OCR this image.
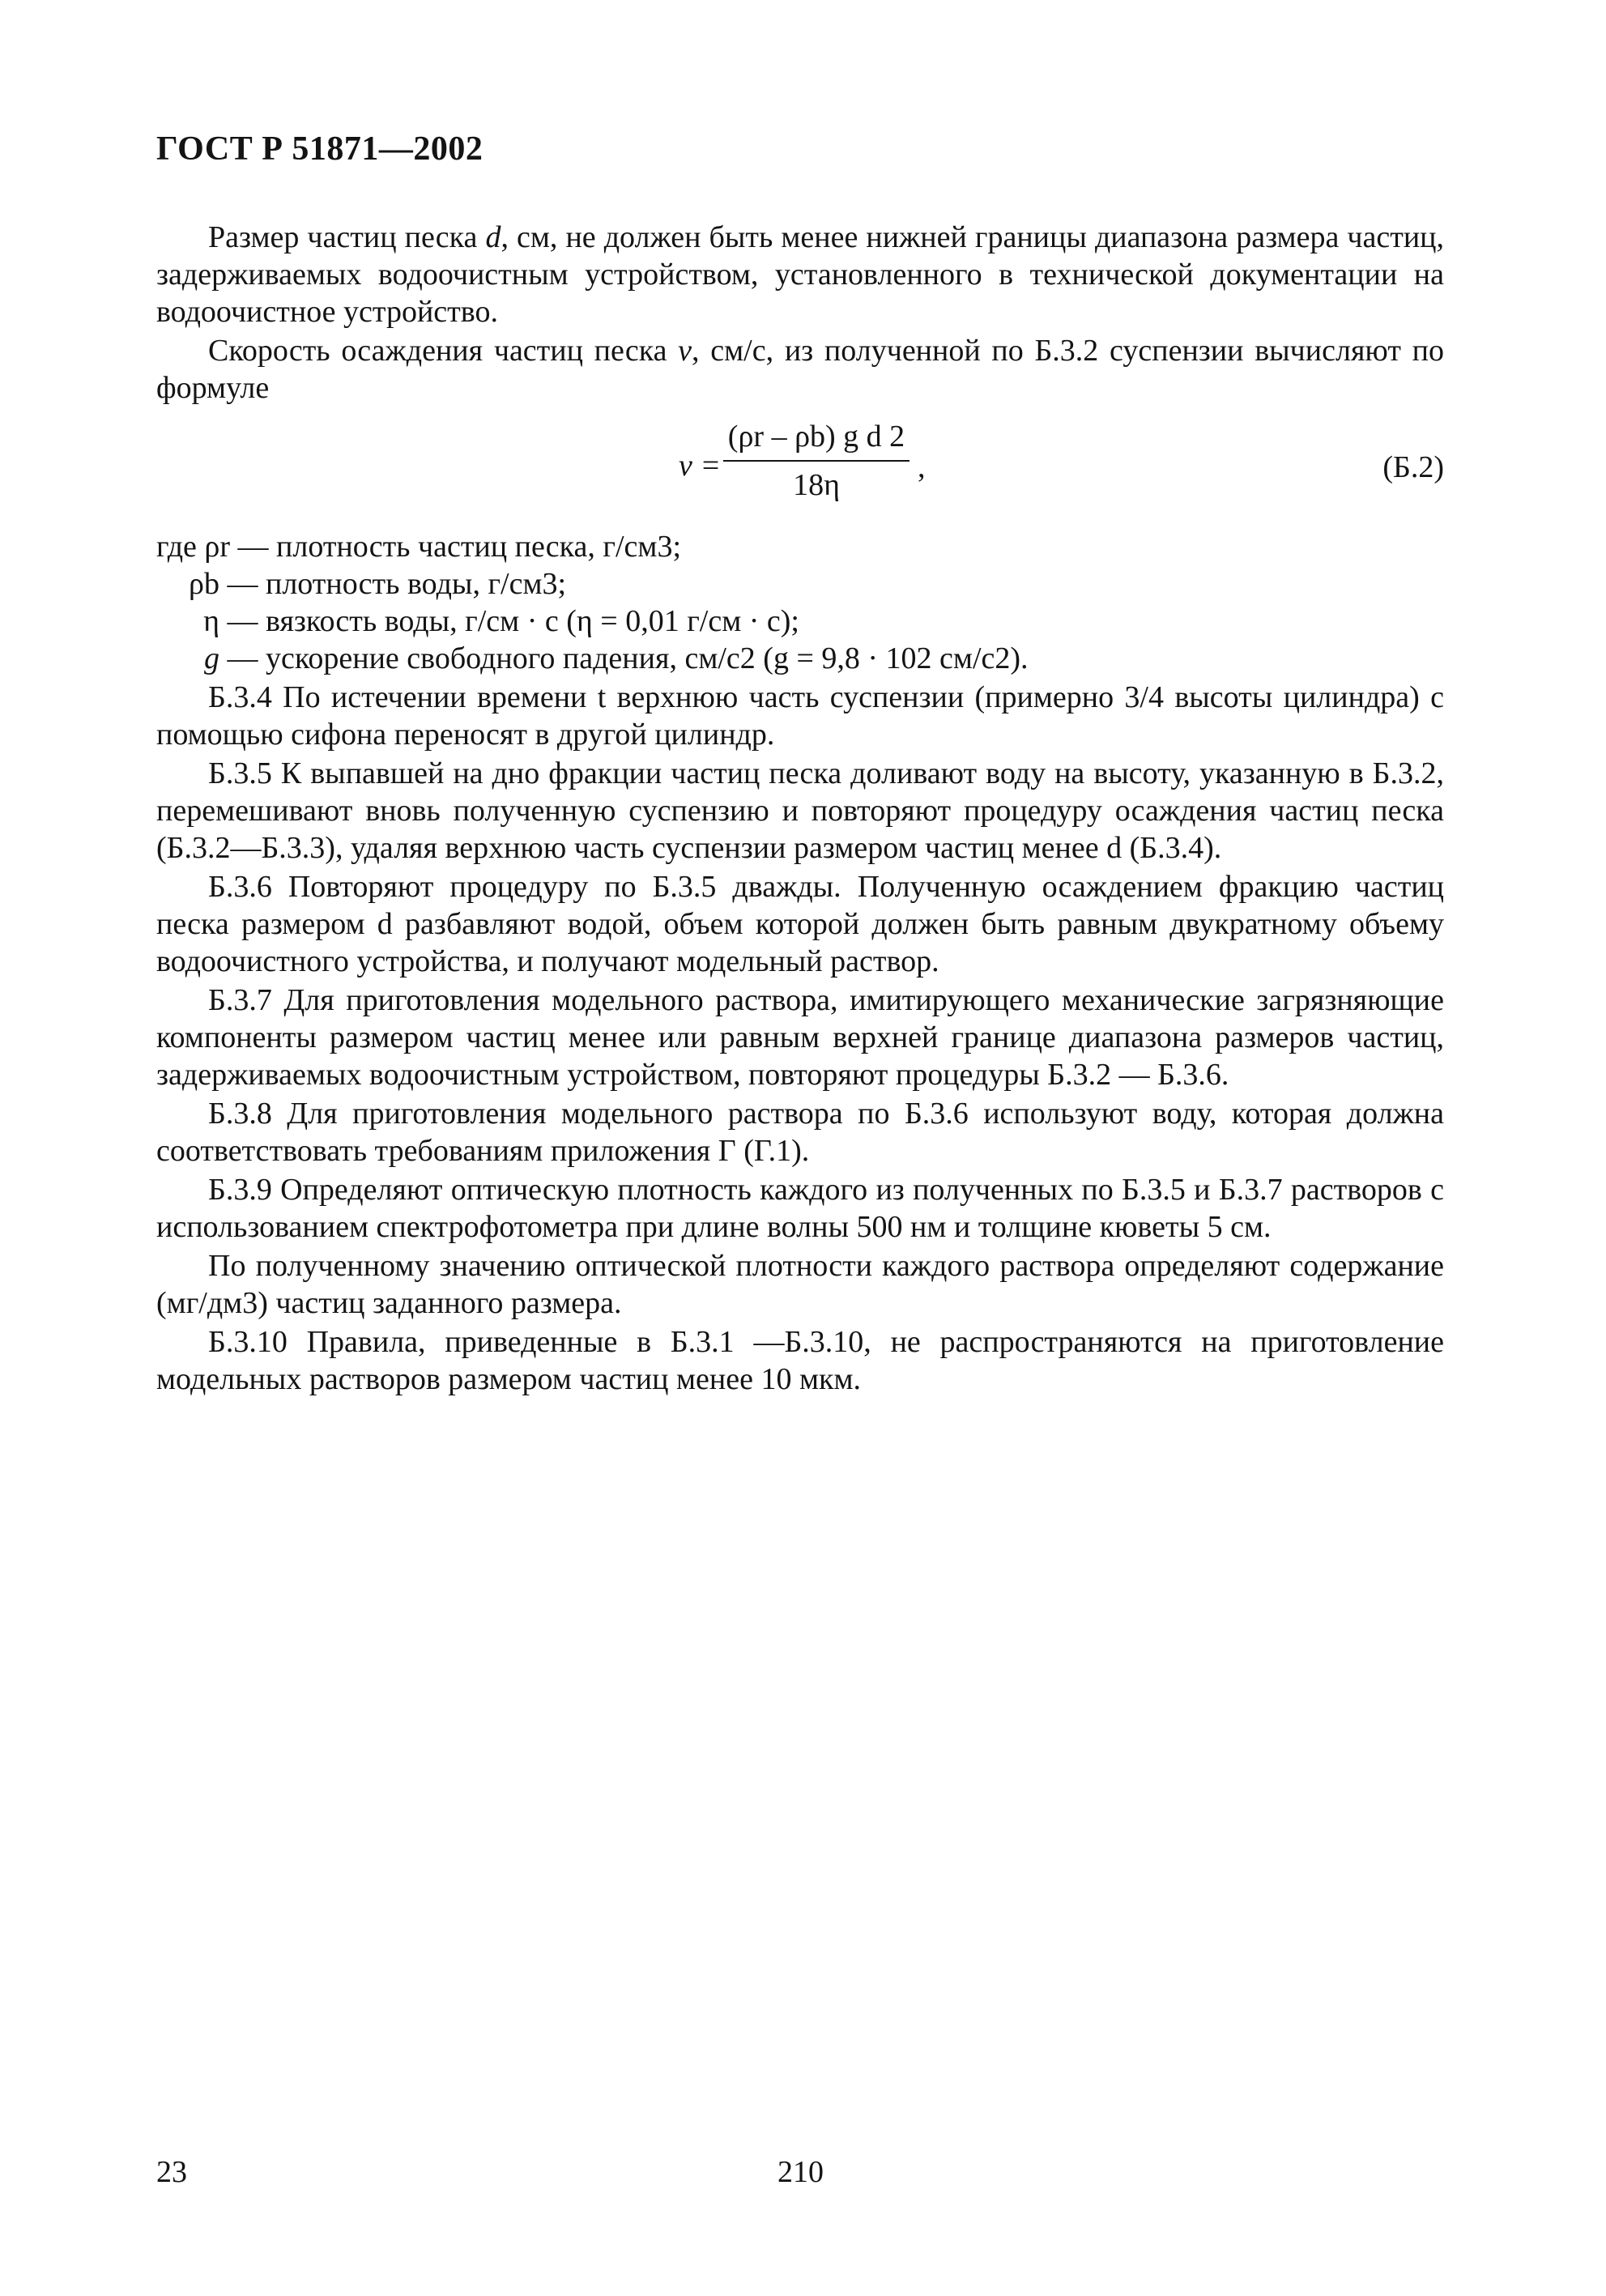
ГОСТ Р 51871—2002

Размер частиц песка d, см, не должен быть менее нижней границы диапазона размера частиц, задерживаемых водоочистным устройством, установленного в технической документации на водоочистное устройство.

Скорость осаждения частиц песка v, см/с, из полученной по Б.3.2 суспензии вычисляют по формуле

v =
(ρr – ρb) g d 2
18η
,	(Б.2)
где ρr — плотность частиц песка, г/см3;
ρb — плотность воды, г/см3;
η — вязкость воды, г/см · с (η = 0,01 г/см · с);
g — ускорение свободного падения, см/с2 (g = 9,8 · 102 см/с2).

Б.3.4 По истечении времени t верхнюю часть суспензии (примерно 3/4 высоты цилиндра) с помощью сифона переносят в другой цилиндр.

Б.3.5 К выпавшей на дно фракции частиц песка доливают воду на высоту, указанную в Б.3.2, перемешивают вновь полученную суспензию и повторяют процедуру осаждения частиц песка (Б.3.2—Б.3.3), удаляя верхнюю часть суспензии размером частиц менее d (Б.3.4).

Б.3.6 Повторяют процедуру по Б.3.5 дважды. Полученную осаждением фракцию частиц песка размером d разбавляют водой, объем которой должен быть равным двукратному объему водоочистного устройства, и получают модельный раствор.

Б.3.7 Для приготовления модельного раствора, имитирующего механические загрязняющие компоненты размером частиц менее или равным верхней границе диапазона размеров частиц, задерживаемых водоочистным устройством, повторяют процедуры Б.3.2 — Б.3.6.

Б.3.8 Для приготовления модельного раствора по Б.3.6 используют воду, которая должна соответствовать требованиям приложения Г (Г.1).

Б.3.9 Определяют оптическую плотность каждого из полученных по Б.3.5 и Б.3.7 растворов с использованием спектрофотометра при длине волны 500 нм и толщине кюветы 5 см.

По полученному значению оптической плотности каждого раствора определяют содержание (мг/дм3) частиц заданного размера.

Б.3.10 Правила, приведенные в Б.3.1 —Б.3.10, не распространяются на приготовление модельных растворов размером частиц менее 10 мкм.

23	210
